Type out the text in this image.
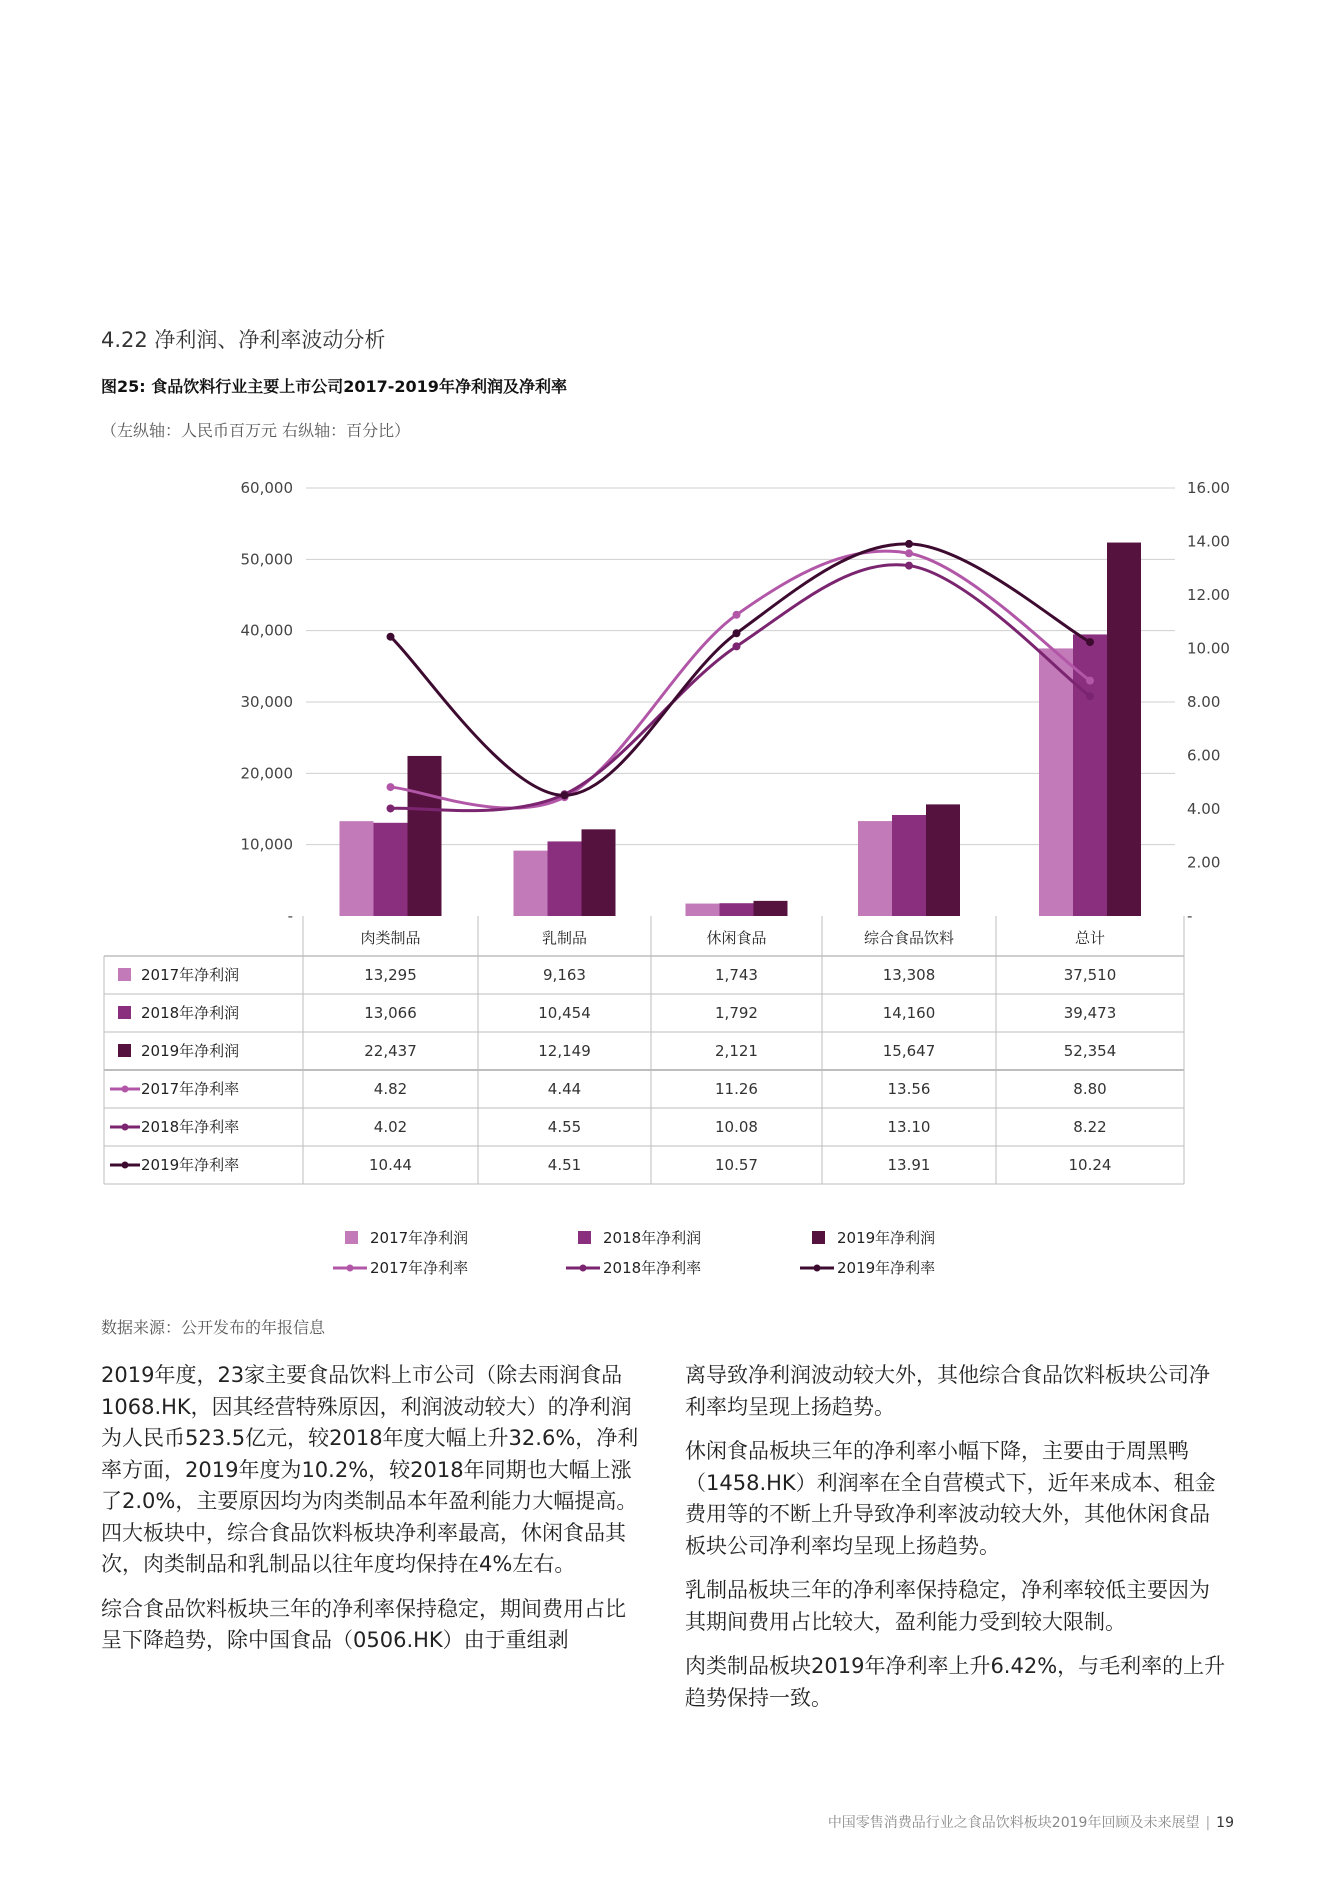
4.22 净利润、净利率波动分析
图25: 食品饮料行业主要上市公司2017-2019年净利润及净利率
（左纵轴：人民币百万元 右纵轴：百分比）
-
10,000
20,000
30,000
40,000
50,000
60,000
-
2.00
4.00
6.00
8.00
10.00
12.00
14.00
16.00
肉类制品	乳制品	休闲食品	综合食品饮料	总计
2017年净利润	13,295	9,163	1,743	13,308	37,510
2018年净利润	13,066	10,454	1,792	14,160	39,473
2019年净利润	22,437	12,149	2,121	15,647	52,354
2017年净利率	4.82	4.44	11.26	13.56	8.80
2018年净利率	4.02	4.55	10.08	13.10	8.22
2019年净利率	10.44	4.51	10.57	13.91	10.24
2017年净利润	2018年净利润	2019年净利润
2017年净利率	2018年净利率	2019年净利率
数据来源：公开发布的年报信息

2019年度，23家主要食品饮料上市公司（除去雨润食品 1068.HK，因其经营特殊原因，利润波动较大）的净利润为人民币523.5亿元，较2018年度大幅上升32.6%，净利率方面，2019年度为10.2%，较2018年同期也大幅上涨了2.0%，主要原因均为肉类制品本年盈利能力大幅提高。四大板块中，综合食品饮料板块净利率最高，休闲食品其次，肉类制品和乳制品以往年度均保持在4%左右。

综合食品饮料板块三年的净利率保持稳定，期间费用占比呈下降趋势，除中国食品（0506.HK）由于重组剥

离导致净利润波动较大外，其他综合食品饮料板块公司净利率均呈现上扬趋势。

休闲食品板块三年的净利率小幅下降，主要由于周黑鸭（1458.HK）利润率在全自营模式下，近年来成本、租金费用等的不断上升导致净利率波动较大外，其他休闲食品板块公司净利率均呈现上扬趋势。

乳制品板块三年的净利率保持稳定，净利率较低主要因为其期间费用占比较大，盈利能力受到较大限制。

肉类制品板块2019年净利率上升6.42%，与毛利率的上升趋势保持一致。

中国零售消费品行业之食品饮料板块2019年回顾及未来展望 | 19
